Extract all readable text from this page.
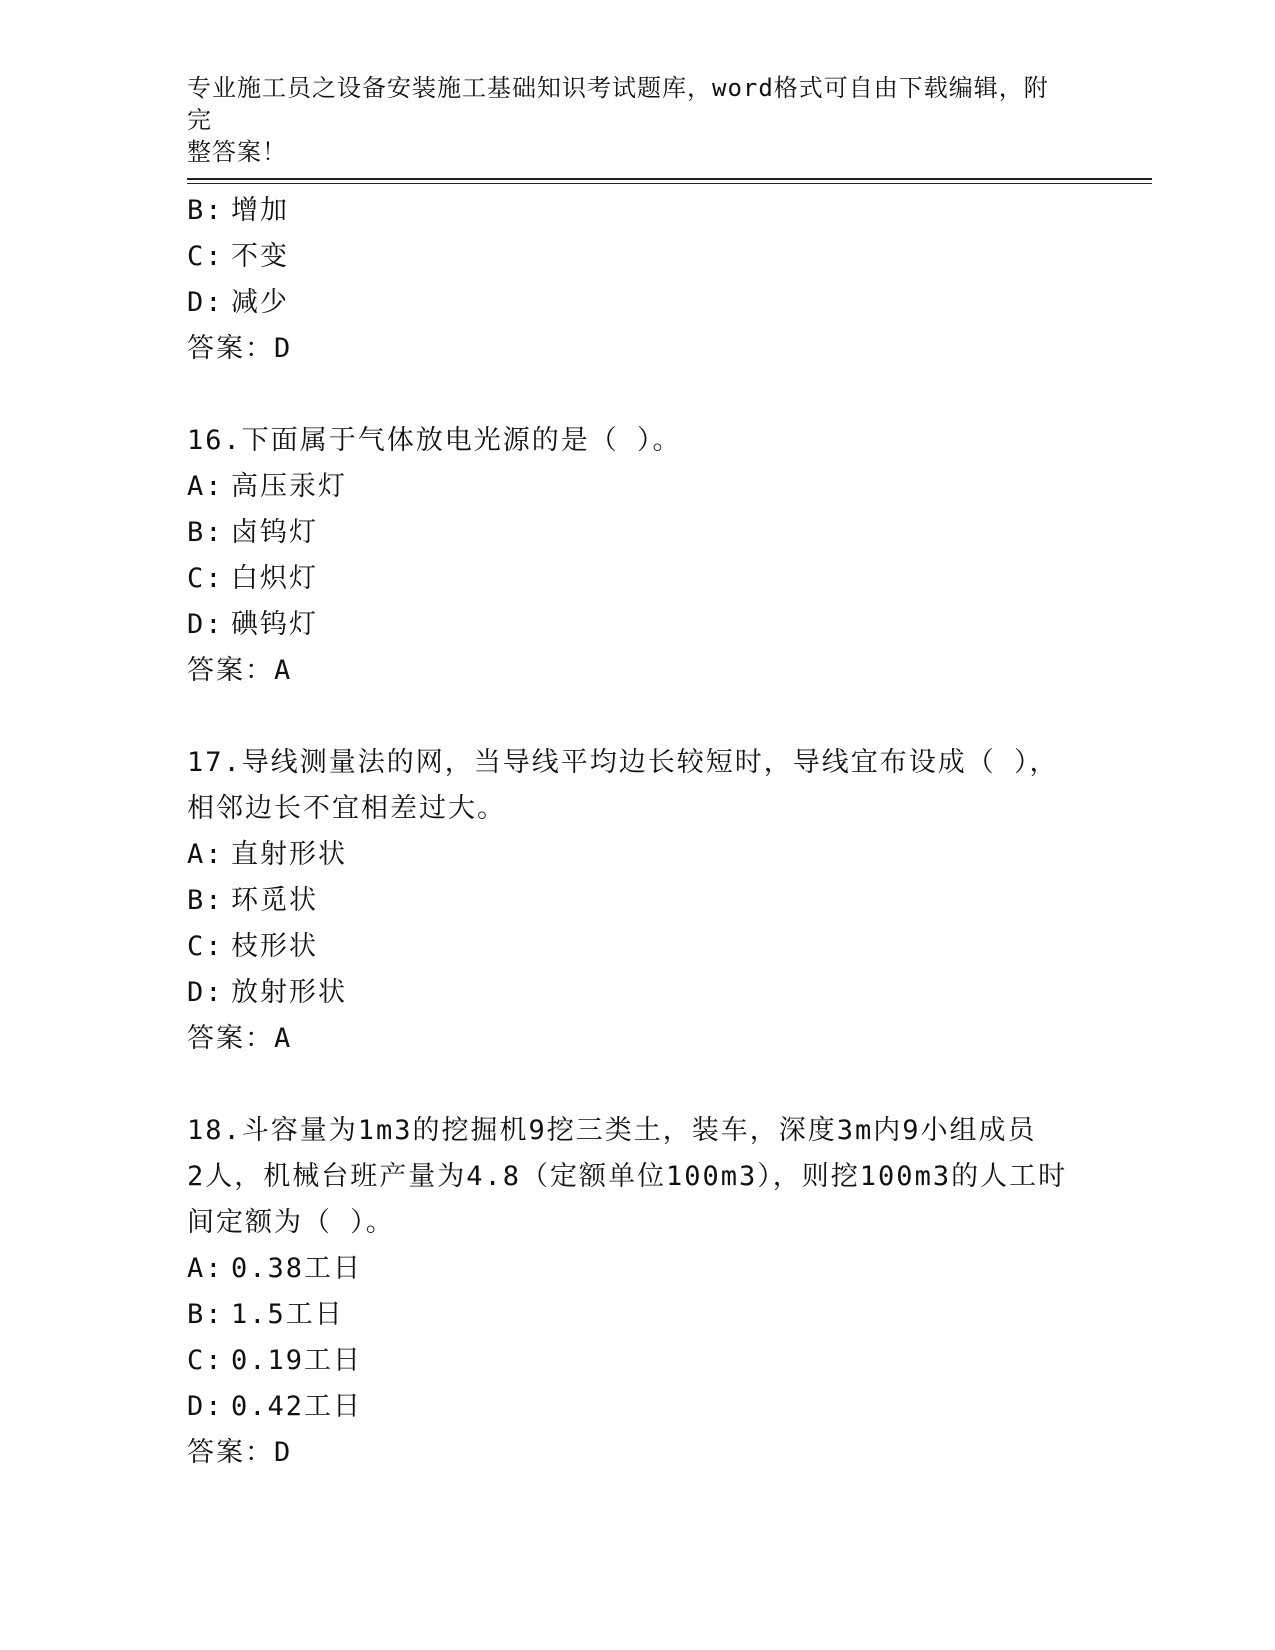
专业施工员之设备安装施工基础知识考试题库，word格式可自由下载编辑，附完
整答案！
B: 增加
C: 不变
D: 减少
答案：D
16.下面属于气体放电光源的是（ ）。
A: 高压汞灯
B: 卤钨灯
C: 白炽灯
D: 碘钨灯
答案：A
17.导线测量法的网，当导线平均边长较短时，导线宜布设成（ ），
相邻边长不宜相差过大。
A: 直射形状
B: 环觅状
C: 枝形状
D: 放射形状
答案：A
18.斗容量为1m3的挖掘机9挖三类土，装车，深度3m内9小组成员
2人，机械台班产量为4.8（定额单位100m3），则挖100m3的人工时
间定额为（ ）。
A: 0.38工日
B: 1.5工日
C: 0.19工日
D: 0.42工日
答案：D
